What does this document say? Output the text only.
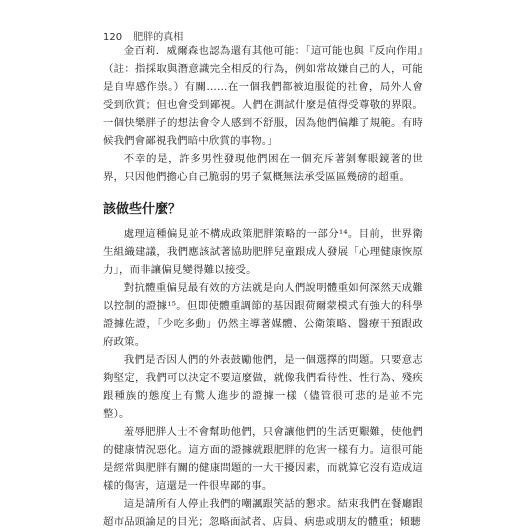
120 肥胖的真相

金百莉．威爾森也認為還有其他可能：「這可能也與『反向作用』（註：指採取與潛意識完全相反的行為，例如常故嫌自己的人，可能是自卑感作祟。）有關……在一個我們都被迫服從的社會，局外人會受到欣賞；但也會受到鄙視。人們在測試什麼是值得受尊敬的界限。一個快樂胖子的想法會令人感到不舒服，因為他們偏離了規範。有時候我們會鄙視我們暗中欣賞的事物。」

不幸的是，許多男性發現他們困在一個充斥著剝奪眼鏡著的世界，只因他們擔心自己脆弱的男子氣概無法承受區區幾磅的超重。

該做些什麼？

處理這種偏見並不構成政策肥胖策略的一部分¹⁴。目前，世界衛生組織建議，我們應該試著協助肥胖兒童跟成人發展「心理健康恢原力」，而非讓偏見變得難以接受。

對抗體重偏見最有效的方法就是向人們說明體重如何深然天成難以控制的證據¹⁵。但即使體重調節的基因跟荷爾蒙模式有強大的科學證據佐證，「少吃多動」仍然主導著媒體、公衛策略、醫療干預跟政府政策。

我們是否因人們的外表鼓勵他們，是一個選擇的問題。只要意志夠堅定，我們可以決定不要這麼做，就像我們看待性、性行為、殘疾跟種族的態度上有驚人進步的證據一樣（儘管很可悲的是並不完整）。

羞辱肥胖人士不會幫助他們，只會讓他們的生活更艱難，使他們的健康情況惡化。這方面的證據就跟肥胖的危害一樣有力。這很可能是經常與肥胖有關的健康問題的一大干擾因素，而就算它沒有造成這樣的傷害，這還是一件很卑鄙的事。

這是請所有人停止我們的嘲諷跟笑話的懇求。結束我們在餐廳跟超市品頭論足的目光；忽略面試者、店員、病患或朋友的體重；傾聽
